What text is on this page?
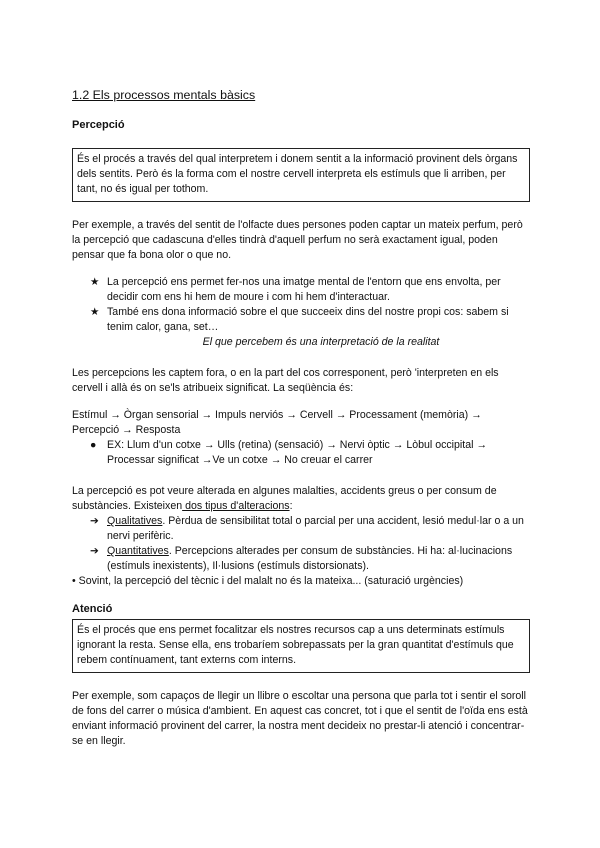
1.2 Els processos mentals bàsics
Percepció

És el procés a través del qual interpretem i donem sentit a la informació provinent dels òrgans dels sentits. Però és la forma com el nostre cervell interpreta els estímuls que li arriben, per tant, no és igual per tothom.

Per exemple, a través del sentit de l'olfacte dues persones poden captar un mateix perfum, però la percepció que cadascuna d'elles tindrà d'aquell perfum no serà exactament igual, poden pensar que fa bona olor o que no.

★ La percepció ens permet fer-nos una imatge mental de l'entorn que ens envolta, per decidir com ens hi hem de moure i com hi hem d'interactuar.
★ També ens dona informació sobre el que succeeix dins del nostre propi cos: sabem si tenim calor, gana, set…
El que percebem és una interpretació de la realitat

Les percepcions les captem fora, o en la part del cos corresponent, però 'interpreten en els cervell i allà és on se'ls atribueix significat. La seqüència és:

Estímul → Òrgan sensorial → Impuls nerviós → Cervell → Processament (memòria) → Percepció → Resposta

● EX: Llum d'un cotxe → Ulls (retina) (sensació) → Nervi òptic → Lòbul occipital → Processar significat →Ve un cotxe → No creuar el carrer

La percepció es pot veure alterada en algunes malalties, accidents greus o per consum de substàncies. Existeixen dos tipus d'alteracions:

➔ Qualitatives. Pèrdua de sensibilitat total o parcial per una accident, lesió medul·lar o a un nervi perifèric.
➔ Quantitatives. Percepcions alterades per consum de substàncies. Hi ha: al·lucinacions (estímuls inexistents), Il·lusions (estímuls distorsionats).

• Sovint, la percepció del tècnic i del malalt no és la mateixa... (saturació urgències)

Atenció

És el procés que ens permet focalitzar els nostres recursos cap a uns determinats estímuls ignorant la resta. Sense ella, ens trobaríem sobrepassats per la gran quantitat d'estímuls que rebem contínuament, tant externs com interns.

Per exemple, som capaços de llegir un llibre o escoltar una persona que parla tot i sentir el soroll de fons del carrer o música d'ambient. En aquest cas concret, tot i que el sentit de l'oïda ens està enviant informació provinent del carrer, la nostra ment decideix no prestar-li atenció i concentrar-se en llegir.
